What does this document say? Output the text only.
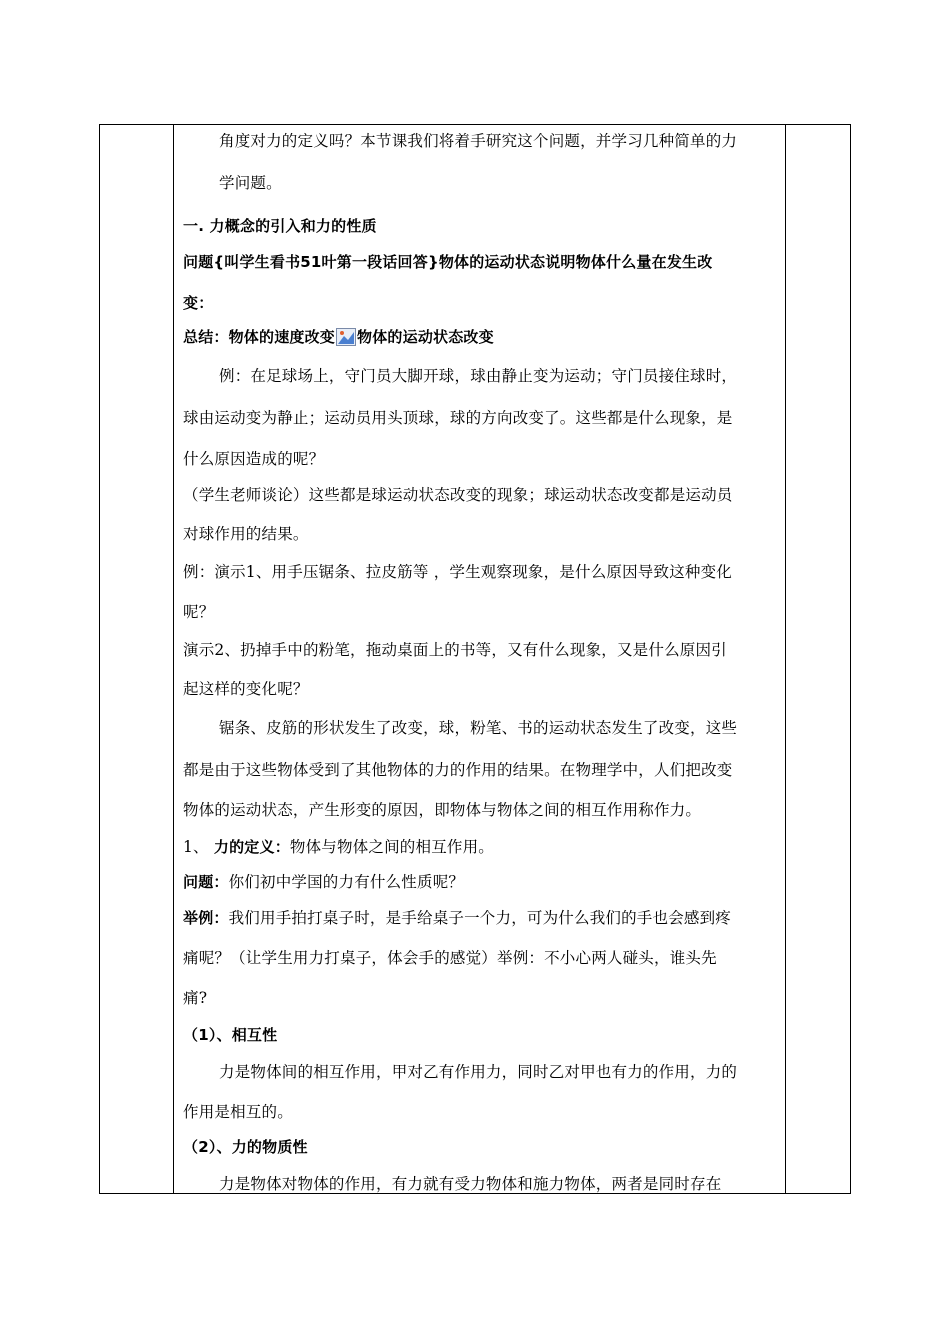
角度对力的定义吗？本节课我们将着手研究这个问题，并学习几种简单的力
学问题。
一. 力概念的引入和力的性质
问题{叫学生看书51叶第一段话回答}物体的运动状态说明物体什么量在发生改
变：
总结：物体的速度改变 物体的运动状态改变
例：在足球场上，守门员大脚开球，球由静止变为运动；守门员接住球时，
球由运动变为静止；运动员用头顶球，球的方向改变了。这些都是什么现象，是
什么原因造成的呢？
（学生老师谈论）这些都是球运动状态改变的现象；球运动状态改变都是运动员
对球作用的结果。
例：演示1、用手压锯条、拉皮筋等 ，学生观察现象，是什么原因导致这种变化
呢？
演示2、扔掉手中的粉笔，拖动桌面上的书等，又有什么现象，又是什么原因引
起这样的变化呢？
锯条、皮筋的形状发生了改变，球，粉笔、书的运动状态发生了改变，这些
都是由于这些物体受到了其他物体的力的作用的结果。在物理学中，人们把改变
物体的运动状态，产生形变的原因，即物体与物体之间的相互作用称作力。
1、 力的定义：物体与物体之间的相互作用。
问题：你们初中学国的力有什么性质呢？
举例：我们用手拍打桌子时，是手给桌子一个力，可为什么我们的手也会感到疼
痛呢？（让学生用力打桌子，体会手的感觉）举例：不小心两人碰头，谁头先
痛?
（1）、相互性
力是物体间的相互作用，甲对乙有作用力，同时乙对甲也有力的作用，力的
作用是相互的。
（2）、力的物质性
力是物体对物体的作用，有力就有受力物体和施力物体，两者是同时存在
